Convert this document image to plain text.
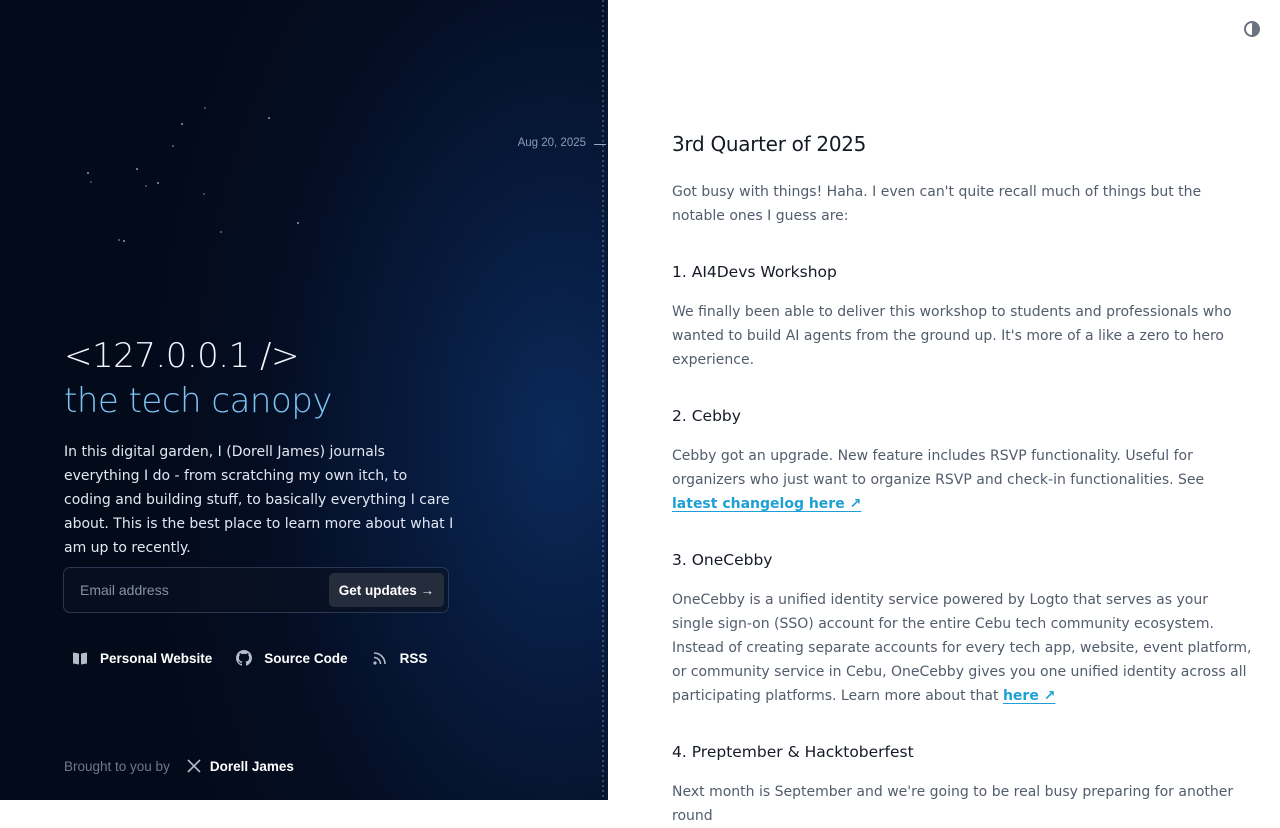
Aug 20, 2025
<127.0.0.1 />
the tech canopy

In this digital garden, I (Dorell James) journals everything I do - from scratching my own itch, to coding and building stuff, to basically everything I care about. This is the best place to learn more about what I am up to recently.

Email address
Get updates →
Personal Website	Source Code	RSS
Brought to you by	Dorell James
3rd Quarter of 2025

Got busy with things! Haha. I even can't quite recall much of things but the notable ones I guess are:

1. AI4Devs Workshop

We finally been able to deliver this workshop to students and professionals who wanted to build AI agents from the ground up. It's more of a like a zero to hero experience.

2. Cebby

Cebby got an upgrade. New feature includes RSVP functionality. Useful for organizers who just want to organize RSVP and check-in functionalities. See latest changelog here ↗

3. OneCebby

OneCebby is a unified identity service powered by Logto that serves as your single sign-on (SSO) account for the entire Cebu tech community ecosystem. Instead of creating separate accounts for every tech app, website, event platform, or community service in Cebu, OneCebby gives you one unified identity across all participating platforms. Learn more about that here ↗

4. Preptember & Hacktoberfest

Next month is September and we're going to be real busy preparing for another round
